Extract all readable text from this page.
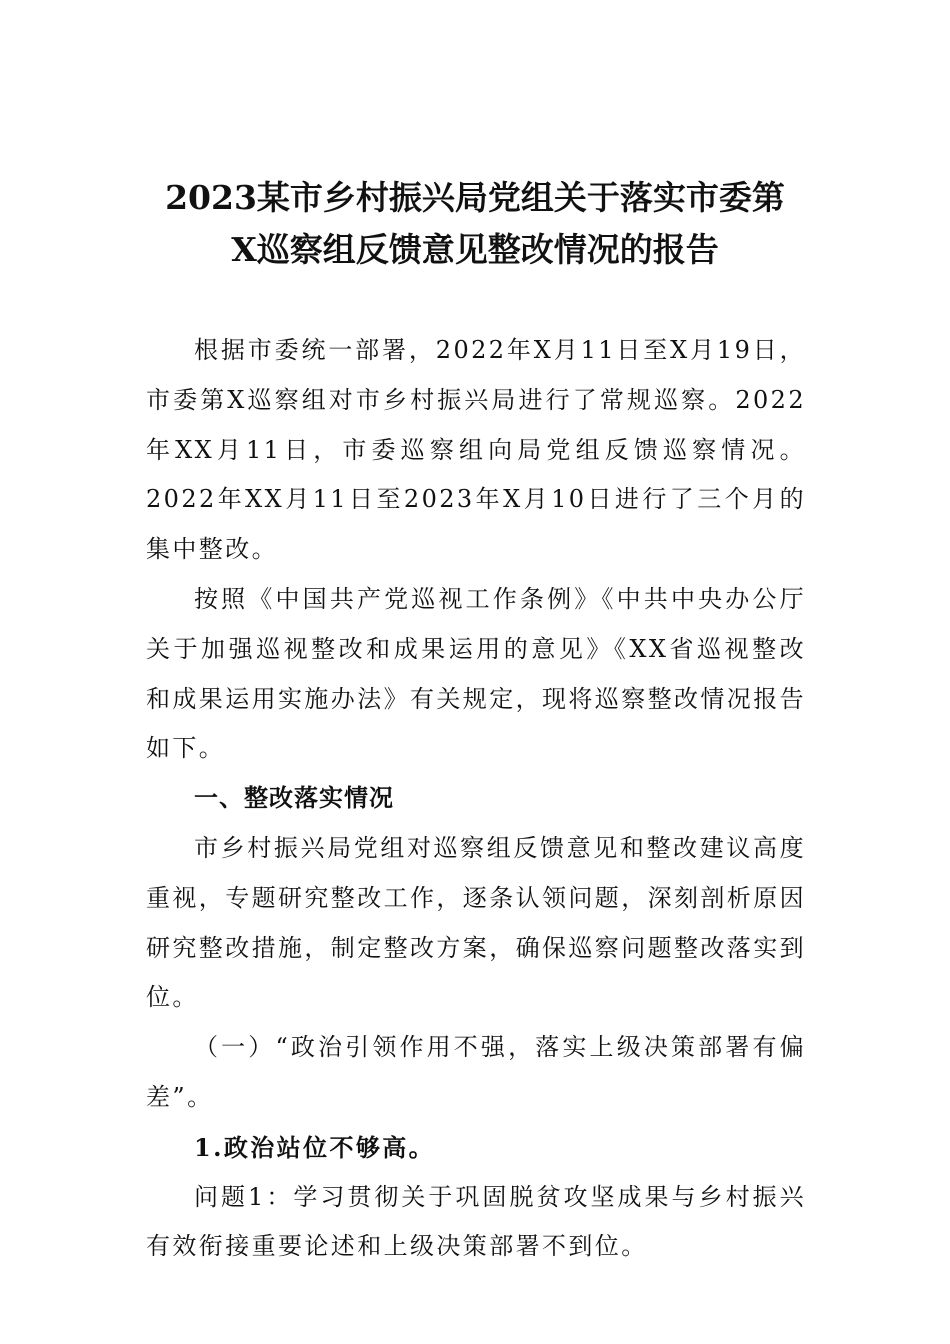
2023某市乡村振兴局党组关于落实市委第
X巡察组反馈意见整改情况的报告

根据市委统一部署，2022年X月11日至X月19日，市委第X巡察组对市乡村振兴局进行了常规巡察。2022年XX月11日，市委巡察组向局党组反馈巡察情况。2022年XX月11日至2023年X月10日进行了三个月的集中整改。

按照《中国共产党巡视工作条例》《中共中央办公厅关于加强巡视整改和成果运用的意见》《XX省巡视整改和成果运用实施办法》有关规定，现将巡察整改情况报告如下。

一、整改落实情况

市乡村振兴局党组对巡察组反馈意见和整改建议高度重视，专题研究整改工作，逐条认领问题，深刻剖析原因研究整改措施，制定整改方案，确保巡察问题整改落实到位。

（一）“政治引领作用不强，落实上级决策部署有偏差”。

1.政治站位不够高。

问题1：学习贯彻关于巩固脱贫攻坚成果与乡村振兴有效衔接重要论述和上级决策部署不到位。
